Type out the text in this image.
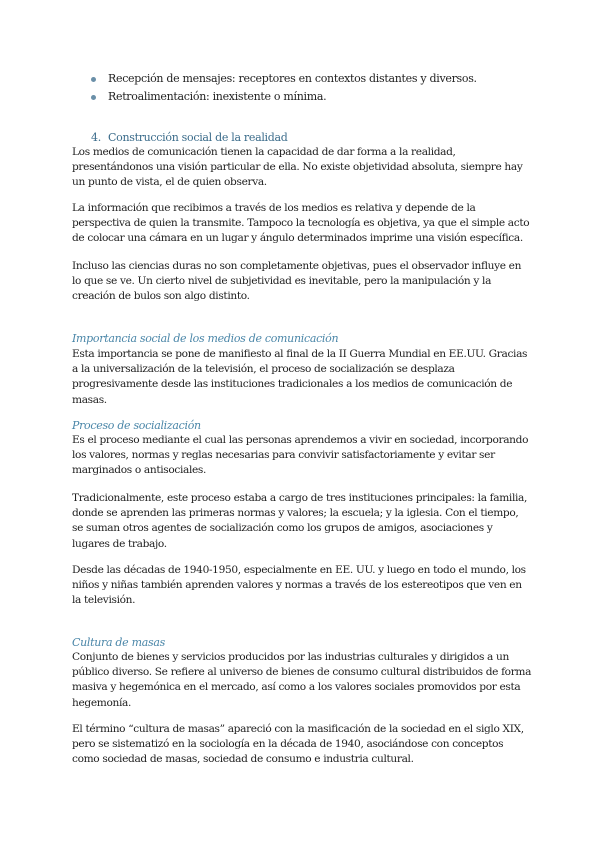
Recepción de mensajes: receptores en contextos distantes y diversos.
Retroalimentación: inexistente o mínima.
4. Construcción social de la realidad

Los medios de comunicación tienen la capacidad de dar forma a la realidad, presentándonos una visión particular de ella. No existe objetividad absoluta, siempre hay un punto de vista, el de quien observa.

La información que recibimos a través de los medios es relativa y depende de la perspectiva de quien la transmite. Tampoco la tecnología es objetiva, ya que el simple acto de colocar una cámara en un lugar y ángulo determinados imprime una visión específica.

Incluso las ciencias duras no son completamente objetivas, pues el observador influye en lo que se ve. Un cierto nivel de subjetividad es inevitable, pero la manipulación y la creación de bulos son algo distinto.

Importancia social de los medios de comunicación

Esta importancia se pone de manifiesto al final de la II Guerra Mundial en EE.UU. Gracias a la universalización de la televisión, el proceso de socialización se desplaza progresivamente desde las instituciones tradicionales a los medios de comunicación de masas.

Proceso de socialización

Es el proceso mediante el cual las personas aprendemos a vivir en sociedad, incorporando los valores, normas y reglas necesarias para convivir satisfactoriamente y evitar ser marginados o antisociales.

Tradicionalmente, este proceso estaba a cargo de tres instituciones principales: la familia, donde se aprenden las primeras normas y valores; la escuela; y la iglesia. Con el tiempo, se suman otros agentes de socialización como los grupos de amigos, asociaciones y lugares de trabajo.

Desde las décadas de 1940-1950, especialmente en EE. UU. y luego en todo el mundo, los niños y niñas también aprenden valores y normas a través de los estereotipos que ven en la televisión.

Cultura de masas

Conjunto de bienes y servicios producidos por las industrias culturales y dirigidos a un público diverso. Se refiere al universo de bienes de consumo cultural distribuidos de forma masiva y hegemónica en el mercado, así como a los valores sociales promovidos por esta hegemonía.

El término “cultura de masas” apareció con la masificación de la sociedad en el siglo XIX, pero se sistematizó en la sociología en la década de 1940, asociándose con conceptos como sociedad de masas, sociedad de consumo e industria cultural.
